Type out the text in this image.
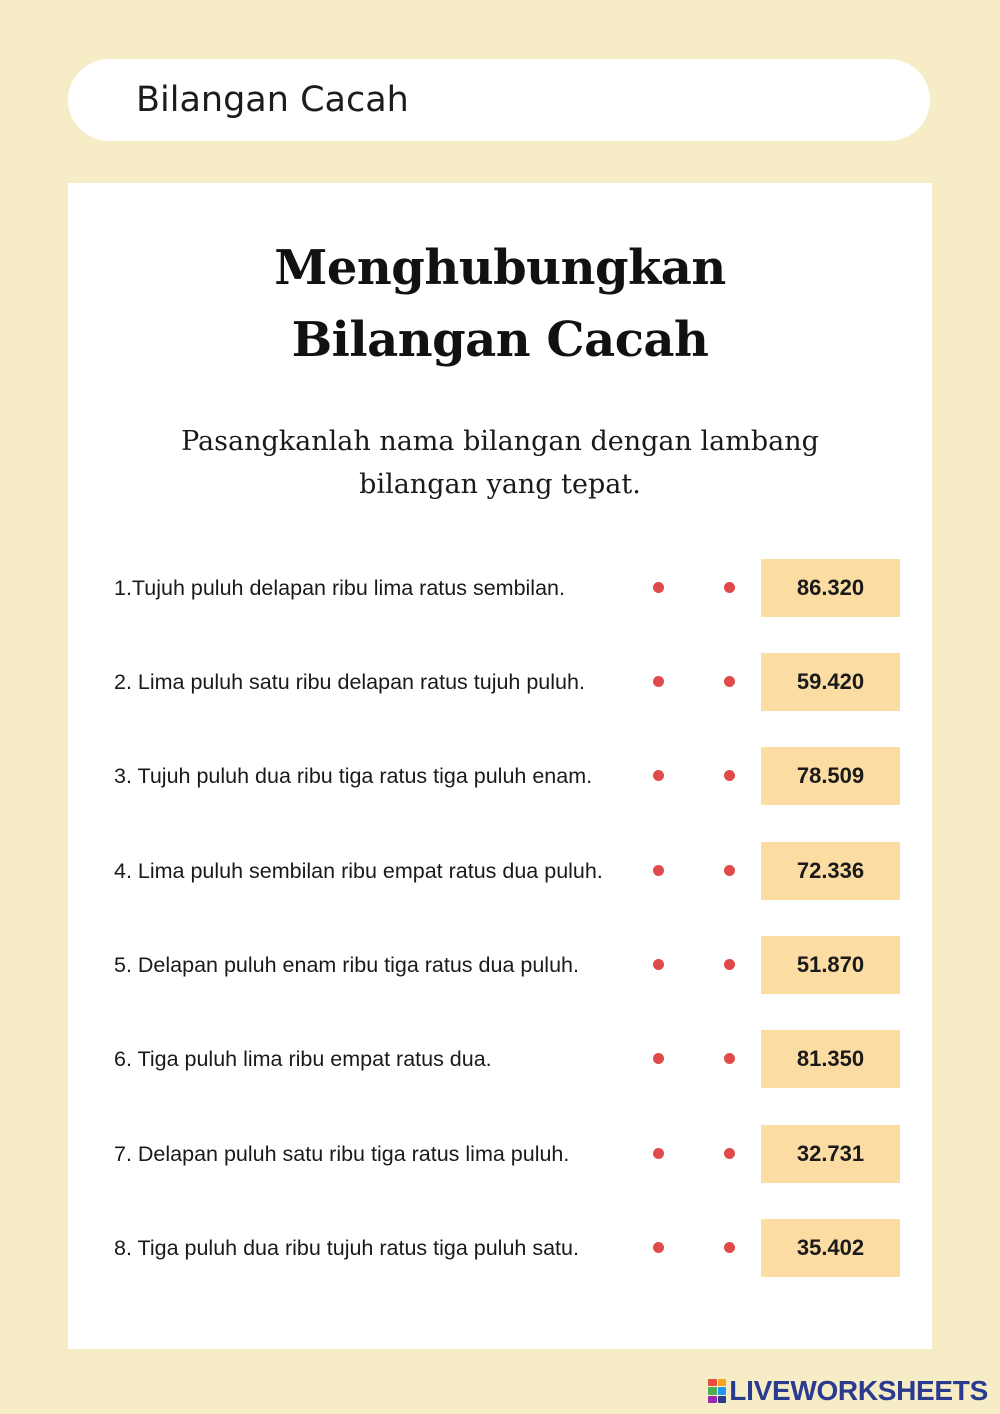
Bilangan Cacah
Menghubungkan
Bilangan Cacah
Pasangkanlah nama bilangan dengan lambang
bilangan yang tepat.
1.Tujuh puluh delapan ribu lima ratus sembilan.	86.320
2. Lima puluh satu ribu delapan ratus tujuh puluh.	59.420
3. Tujuh puluh dua ribu tiga ratus tiga puluh enam.	78.509
4. Lima puluh sembilan ribu empat ratus dua puluh.	72.336
5. Delapan puluh enam ribu tiga ratus dua puluh.	51.870
6. Tiga puluh lima ribu empat ratus dua.	81.350
7. Delapan puluh satu ribu tiga ratus lima puluh.	32.731
8. Tiga puluh dua ribu tujuh ratus tiga puluh satu.	35.402
LIVEWORKSHEETS
